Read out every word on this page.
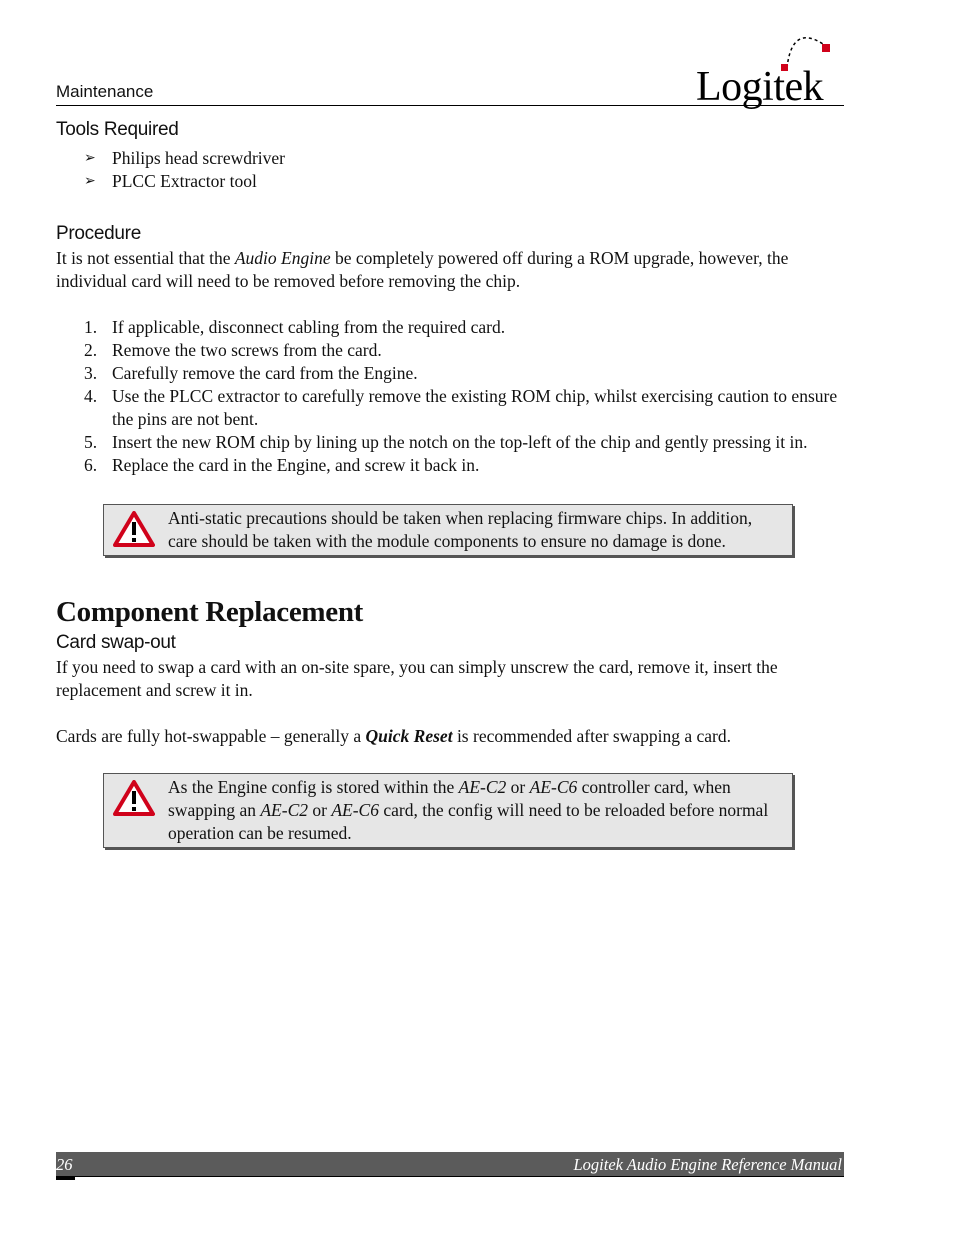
Maintenance	Logitek
Tools Required
➢ Philips head screwdriver
➢ PLCC Extractor tool
Procedure

It is not essential that the Audio Engine be completely powered off during a ROM upgrade, however, the individual card will need to be removed before removing the chip.

1. If applicable, disconnect cabling from the required card.
2. Remove the two screws from the card.
3. Carefully remove the card from the Engine.
4. Use the PLCC extractor to carefully remove the existing ROM chip, whilst exercising caution to ensure the pins are not bent.
5. Insert the new ROM chip by lining up the notch on the top-left of the chip and gently pressing it in.
6. Replace the card in the Engine, and screw it back in.
Anti-static precautions should be taken when replacing firmware chips. In addition, care should be taken with the module components to ensure no damage is done.
Component Replacement
Card swap-out

If you need to swap a card with an on-site spare, you can simply unscrew the card, remove it, insert the replacement and screw it in.

Cards are fully hot-swappable – generally a Quick Reset is recommended after swapping a card.

As the Engine config is stored within the AE-C2 or AE-C6 controller card, when swapping an AE-C2 or AE-C6 card, the config will need to be reloaded before normal operation can be resumed.
26	Logitek Audio Engine Reference Manual
